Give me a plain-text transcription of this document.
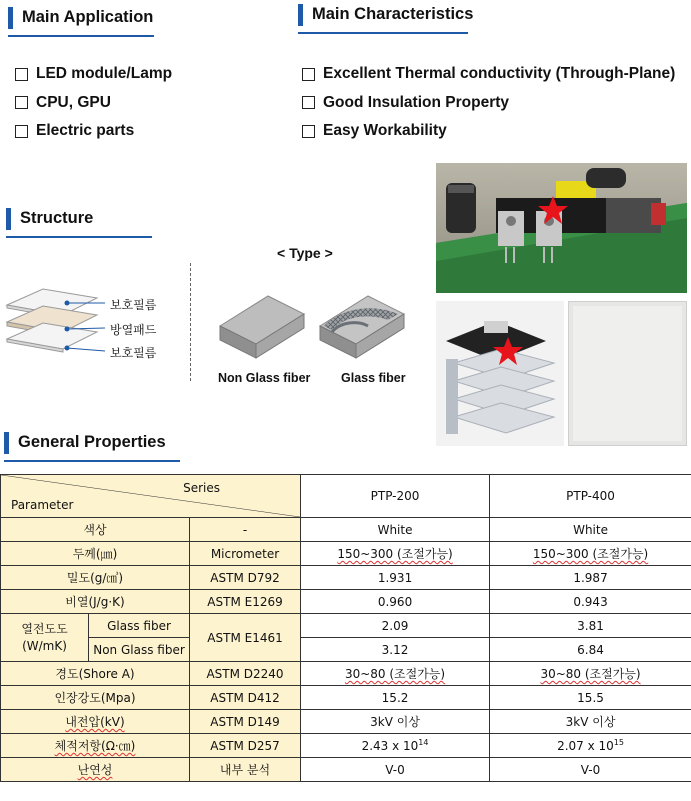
Main Application
LED module/Lamp
CPU, GPU
Electric parts
Main Characteristics
Excellent Thermal conductivity (Through-Plane)
Good Insulation Property
Easy Workability
Structure
보호필름
방열패드
보호필름
< Type >
Non Glass fiber Glass fiber
General Properties
Series
Parameter			PTP-200	PTP-400
색상		-	White	White
두께(㎛)		Micrometer	150~300 (조절가능)	150~300 (조절가능)
밀도(g/㎤)		ASTM D792	1.931	1.987
비열(J/g·K)		ASTM E1269	0.960	0.943
열전도도 (W/mK)	Glass fiber	ASTM E1461	2.09	3.81
	Non Glass fiber		3.12	6.84
경도(Shore A)		ASTM D2240	30~80 (조절가능)	30~80 (조절가능)
인장강도(Mpa)		ASTM D412	15.2	15.5
내전압(kV)		ASTM D149	3kV 이상	3kV 이상
체적저항(Ω·㎝)		ASTM D257	2.43 x $10^{14}$	2.07 x $10^{15}$
난연성		내부 분석	V-0	V-0
